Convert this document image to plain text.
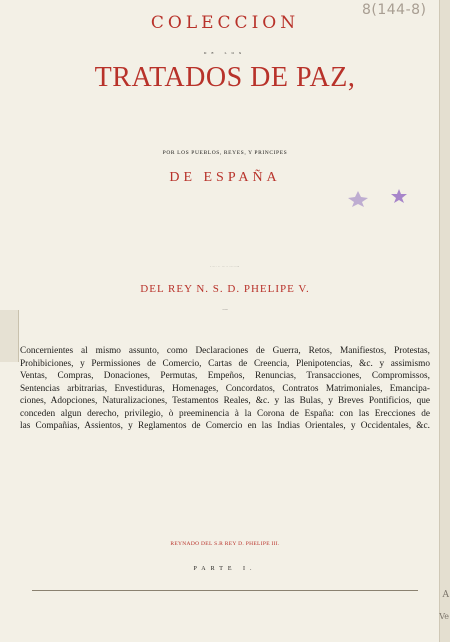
8(144-8)
COLECCION
DE LOS
TRATADOS DE PAZ,
POR LOS PUEBLOS, REYES, Y PRINCIPES
DE ESPAÑA
HASTA EL FELIZ REYNADO
DEL REY N. S. D. PHELIPE V.
Concernientes al mismo assunto, como Declaraciones de Guerra, Retos, Manifiestos, Protestas,
Prohibiciones, y Permissiones de Comercio, Cartas de Creencia, Plenipotencias, &c. y assimismo
Ventas, Compras, Donaciones, Permutas, Empeños, Renuncias, Transacciones, Compromissos,
Sentencias arbitrarias, Envestiduras, Homenages, Concordatos, Contratos Matrimoniales, Emancipa-
ciones, Adopciones, Naturalizaciones, Testamentos Reales, &c. y las Bulas, y Breves Pontificios, que
conceden algun derecho, privilegio, ò preeminencia à la Corona de España: con las Erecciones de
las Compañias, Assientos, y Reglamentos de Comercio en las Indias Orientales, y Occidentales, &c.
REYNADO DEL S.R REY D. PHELIPE III.
PARTE I.
A
Ve
